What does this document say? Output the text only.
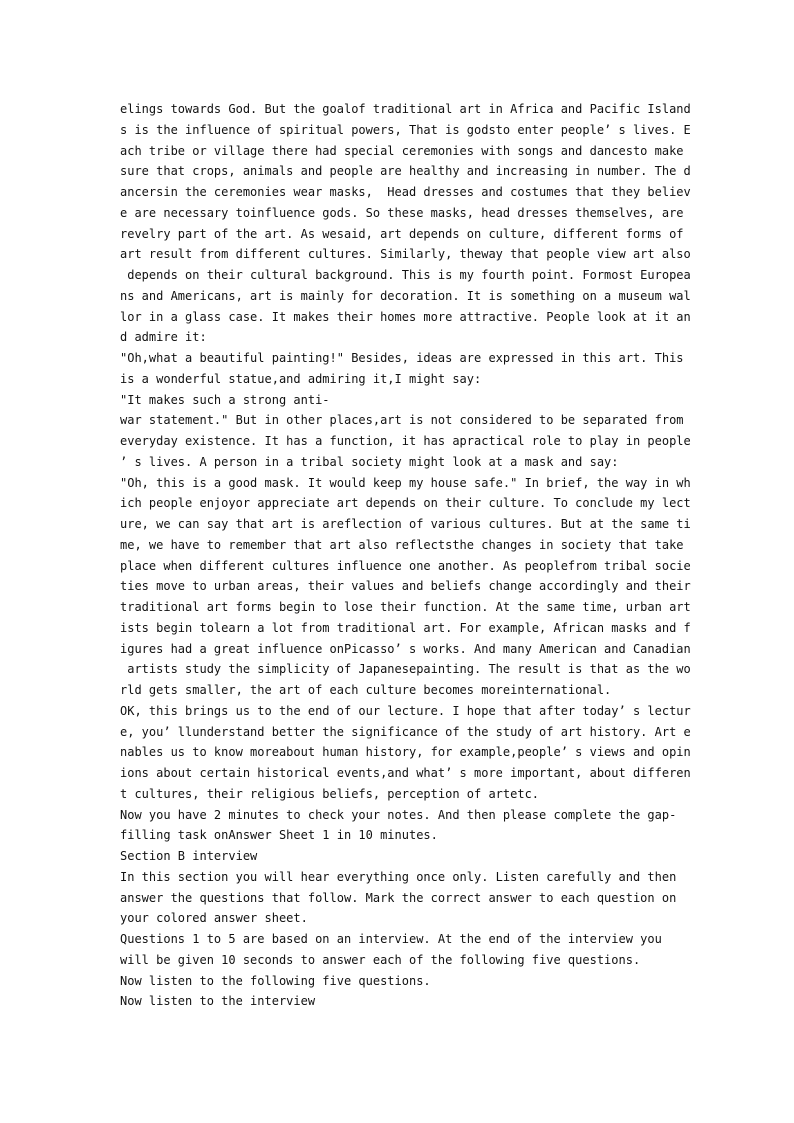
elings towards God. But the goalof traditional art in Africa and Pacific Island
s is the influence of spiritual powers, That is godsto enter people’ s lives. E
ach tribe or village there had special ceremonies with songs and dancesto make
sure that crops, animals and people are healthy and increasing in number. The d
ancersin the ceremonies wear masks,  Head dresses and costumes that they believ
e are necessary toinfluence gods. So these masks, head dresses themselves, are
revelry part of the art. As wesaid, art depends on culture, different forms of
art result from different cultures. Similarly, theway that people view art also
depends on their cultural background. This is my fourth point. Formost Europea
ns and Americans, art is mainly for decoration. It is something on a museum wal
lor in a glass case. It makes their homes more attractive. People look at it an
d admire it:
"Oh,what a beautiful painting!" Besides, ideas are expressed in this art. This
is a wonderful statue,and admiring it,I might say:
"It makes such a strong anti-
war statement." But in other places,art is not considered to be separated from
everyday existence. It has a function, it has apractical role to play in people
’ s lives. A person in a tribal society might look at a mask and say:
"Oh, this is a good mask. It would keep my house safe." In brief, the way in wh
ich people enjoyor appreciate art depends on their culture. To conclude my lect
ure, we can say that art is areflection of various cultures. But at the same ti
me, we have to remember that art also reflectsthe changes in society that take
place when different cultures influence one another. As peoplefrom tribal socie
ties move to urban areas, their values and beliefs change accordingly and their
traditional art forms begin to lose their function. At the same time, urban art
ists begin tolearn a lot from traditional art. For example, African masks and f
igures had a great influence onPicasso’ s works. And many American and Canadian
artists study the simplicity of Japanesepainting. The result is that as the wo
rld gets smaller, the art of each culture becomes moreinternational.
OK, this brings us to the end of our lecture. I hope that after today’ s lectur
e, you’ llunderstand better the significance of the study of art history. Art e
nables us to know moreabout human history, for example,people’ s views and opin
ions about certain historical events,and what’ s more important, about differen
t cultures, their religious beliefs, perception of artetc.
Now you have 2 minutes to check your notes. And then please complete the gap-
filling task onAnswer Sheet 1 in 10 minutes.
Section B interview
In this section you will hear everything once only. Listen carefully and then
answer the questions that follow. Mark the correct answer to each question on
your colored answer sheet.
Questions 1 to 5 are based on an interview. At the end of the interview you
will be given 10 seconds to answer each of the following five questions.
Now listen to the following five questions.
Now listen to the interview
